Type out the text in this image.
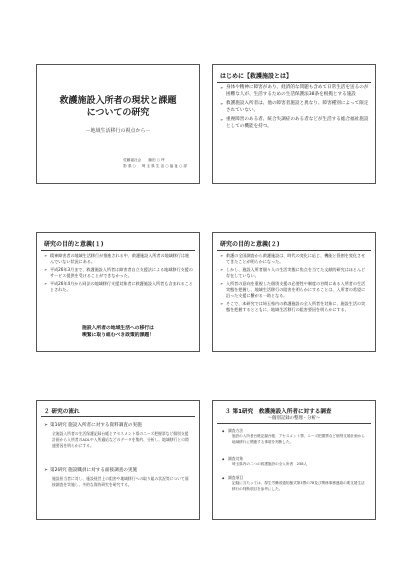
救護施設入所者の現状と課題
についての研究
－地域生活移行の視点から－
佐藤福社会　　藤田 ○ 坪
影 県 ○ 　 埼 玉 県 生 活 ○ 福 祉 ○ 部
はじめに【救護施設とは】
➢ 身体や精神に障害があり、経済的な問題も含めて日常生活を送るのが困難な人が、生活するための生活保護法38条を根拠とする施設
➢ 救護施設入所者は、他の障害者施設と異なり、障害種別によって限定されていない。
➢ 重複障害のある者、統合失調症のある者などが生活する総合福祉施設としての機能を持つ。
研究の目的と意義(１)
➢ 精神障害者の地域生活移行が推進される中、救護施設入所者の地域移行は進んでいない状況にある。
➢ 平成26年3月まで、救護施設入所者は障害者自立支援法による地域移行支援のサービス提供を受けることができなかった。
➢ 平成26年4月から同法の地域移行支援対象者に救護施設入所者も含まれることとされた。
施設入所者の地域生活への移行は
喫緊に取り組むべき政策的課題！
研究の目的と意義(２)
➢ 救護の全国調査から救護施設は、時代の変化に応じ、機能と役割を変化させてきたことが明らかになった。
➢ しかし、施設入所者個々人の生活実態に焦点を当てた文献的研究はほとんど存在していない。
➢ 入所者の意向を重視した個別支援の必要性や制度の谷間にある入所者の生活実態を把握し、地域生活移行の阻害を明らかにすることは、入所者の希望に沿った支援に繋がる一助となる。
➢ そこで、本研究では埼玉県内の救護施設の全入所者を対象に、施設生活の実態を把握するとともに、地域生活移行の阻害要因を明らかにする。
２ 研究の流れ
➢ 第1研究 施設入所者に対する資料調査の実施
全施設入所者の生活保護記録台帳とアセスメント票のニーズ把握票など個別支援計画から入所者のADLや入所適応などのデータを集約、分析し、地域移行との関連要因を明らかにする。
➢ 第2研究 施設職員に対する面接調査の実施
施設担当者に対し、施設経営上の阻害や地域移行への取り組み状況等について面接調査を実施し、多的な質的研究を研究する。
３ 第1研究　救護施設入所者に対する調査
～個別記録の整理・分析～
◆ 調査方法
施設の入所者台帳記録台帳、アセスメント票、ニーズ把握票など個別支援計画から地域移行に関連する事項を判断した。
◆ 調査対象
埼玉県内の二つの救護施設の全入所者　258人
◆ 調査項目
記録に当たっては、厚生労働省通知様式第3票の78及び関係事務連絡の要支援生活移行の判断項目を参考にした。
